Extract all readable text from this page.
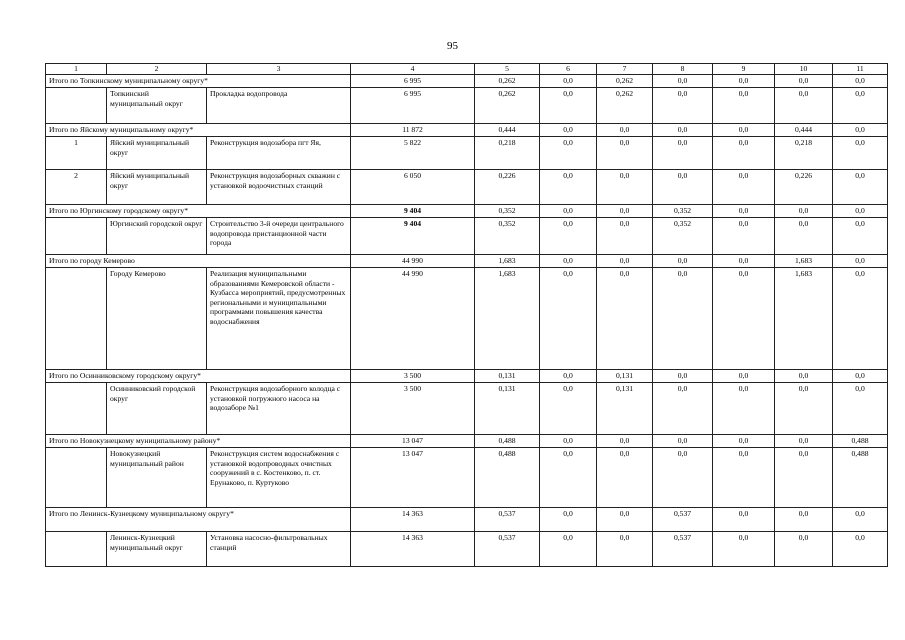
95
1	2	3	4	5	6	7	8	9	10	11
Итого по Топкинскому муниципальному округу*			6 995	0,262	0,0	0,262	0,0	0,0	0,0	0,0
	Топкинский муниципальный округ	Прокладка водопровода	6 995	0,262	0,0	0,262	0,0	0,0	0,0	0,0
Итого по Яйскому муниципальному округу*			11 872	0,444	0,0	0,0	0,0	0,0	0,444	0,0
1	Яйский муниципальный округ	Реконструкция водозабора пгт Яя,	5 822	0,218	0,0	0,0	0,0	0,0	0,218	0,0
2	Яйский муниципальный округ	Реконструкция водозаборных скважин с установкой водоочистных станций	6 050	0,226	0,0	0,0	0,0	0,0	0,226	0,0
Итого по Юргинскому городскому округу*			9 404	0,352	0,0	0,0	0,352	0,0	0,0	0,0
	Юргинский городской округ	Строительство 3-й очереди центрального водопровода пристанционной части города	9 404	0,352	0,0	0,0	0,352	0,0	0,0	0,0
Итого по городу Кемерово			44 990	1,683	0,0	0,0	0,0	0,0	1,683	0,0
	Городу Кемерово	Реализация муниципальными образованиями Кемеровской области - Кузбасса мероприятий, предусмотренных региональными и муниципальными программами повышения качества водоснабжения	44 990	1,683	0,0	0,0	0,0	0,0	1,683	0,0
Итого по Осинниковскому городскому округу*			3 500	0,131	0,0	0,131	0,0	0,0	0,0	0,0
	Осинниковский городской округ	Реконструкция водозаборного колодца с установкой погружного насоса на водозаборе №1	3 500	0,131	0,0	0,131	0,0	0,0	0,0	0,0
Итого по Новокузнецкому муниципальному району*			13 047	0,488	0,0	0,0	0,0	0,0	0,0	0,488
	Новокузнецкий муниципальный район	Реконструкция систем водоснабжения с установкой водопроводных очистных сооружений в с. Костенково, п. ст. Ерунаково, п. Куртуково	13 047	0,488	0,0	0,0	0,0	0,0	0,0	0,488
Итого по Ленинск-Кузнецкому муниципальному округу*			14 363	0,537	0,0	0,0	0,537	0,0	0,0	0,0
	Ленинск-Кузнецкий муниципальный округ	Установка насосно-фильтровальных станций	14 363	0,537	0,0	0,0	0,537	0,0	0,0	0,0
